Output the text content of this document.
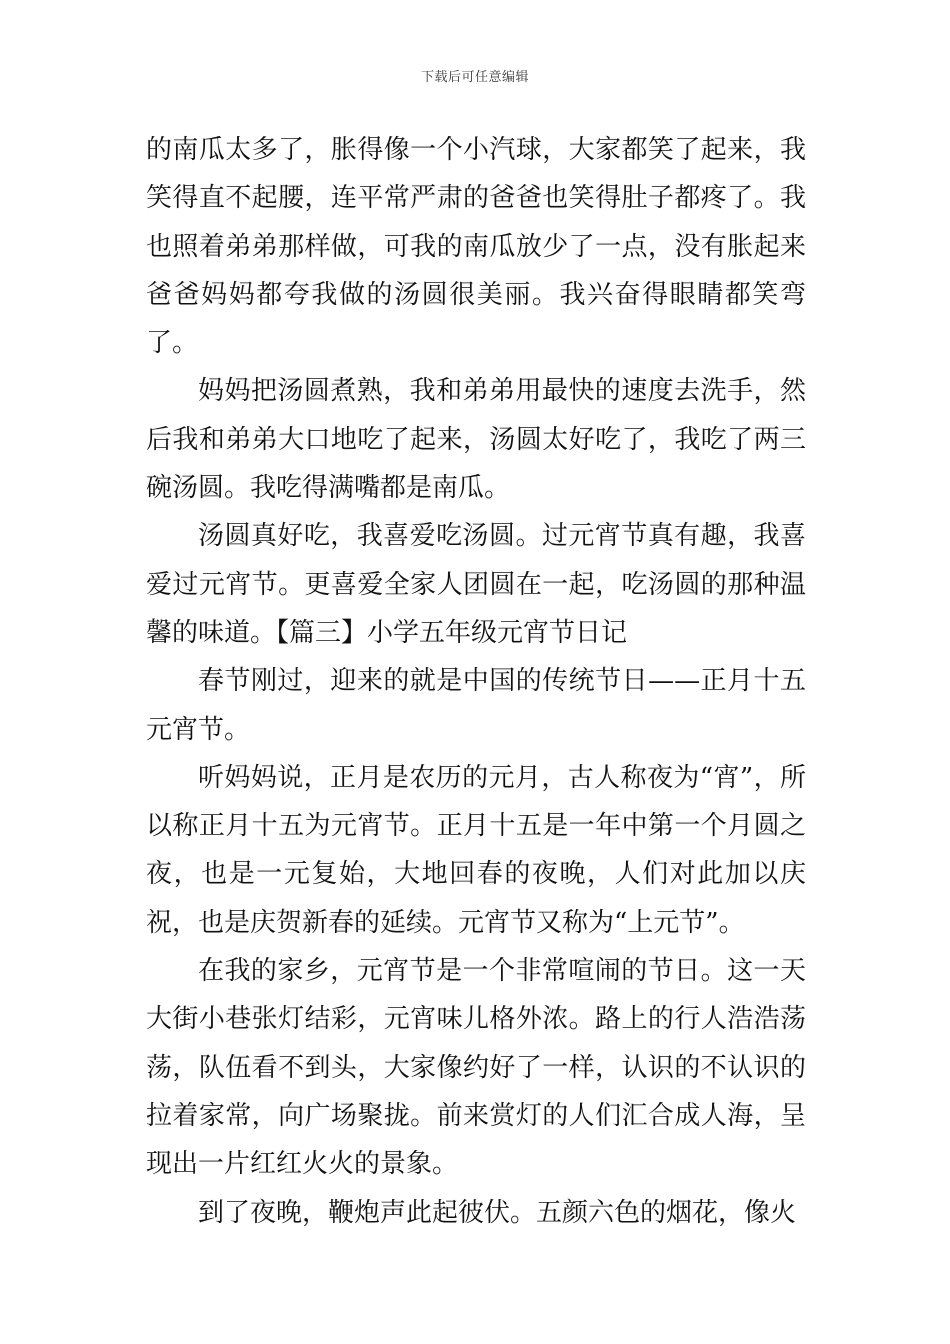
下载后可任意编辑

的南瓜太多了，胀得像一个小汽球，大家都笑了起来，我笑得直不起腰，连平常严肃的爸爸也笑得肚子都疼了。我也照着弟弟那样做，可我的南瓜放少了一点，没有胀起来爸爸妈妈都夸我做的汤圆很美丽。我兴奋得眼睛都笑弯了。

妈妈把汤圆煮熟，我和弟弟用最快的速度去洗手，然后我和弟弟大口地吃了起来，汤圆太好吃了，我吃了两三碗汤圆。我吃得满嘴都是南瓜。

汤圆真好吃，我喜爱吃汤圆。过元宵节真有趣，我喜爱过元宵节。更喜爱全家人团圆在一起，吃汤圆的那种温馨的味道。【篇三】小学五年级元宵节日记

春节刚过，迎来的就是中国的传统节日——正月十五元宵节。

听妈妈说，正月是农历的元月，古人称夜为“宵”，所以称正月十五为元宵节。正月十五是一年中第一个月圆之夜，也是一元复始，大地回春的夜晚，人们对此加以庆祝，也是庆贺新春的延续。元宵节又称为“上元节”。

在我的家乡，元宵节是一个非常喧闹的节日。这一天大街小巷张灯结彩，元宵味儿格外浓。路上的行人浩浩荡荡，队伍看不到头，大家像约好了一样，认识的不认识的拉着家常，向广场聚拢。前来赏灯的人们汇合成人海，呈现出一片红红火火的景象。

到了夜晚，鞭炮声此起彼伏。五颜六色的烟花，像火
